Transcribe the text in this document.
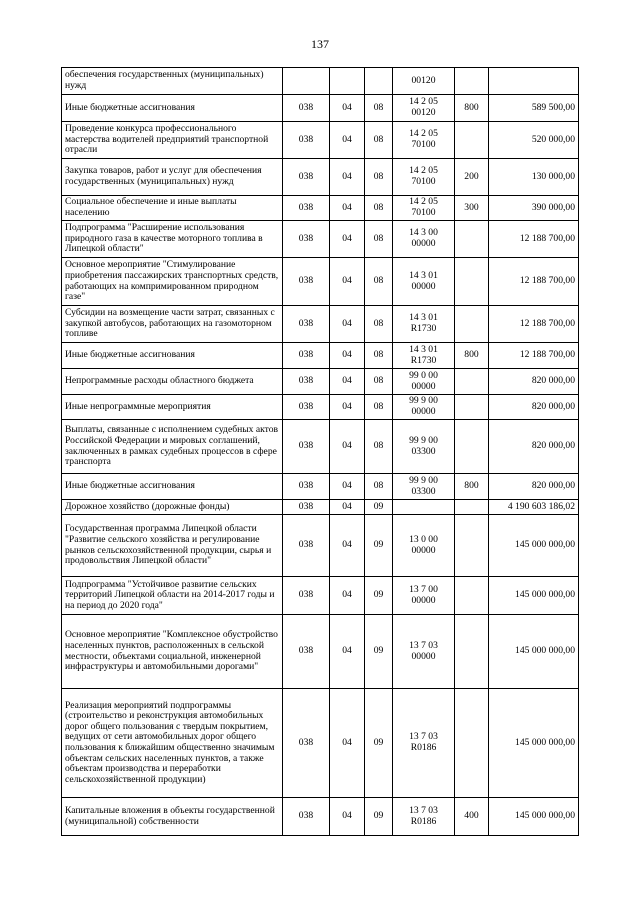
137
обеспечения государственных (муниципальных) нужд				00120		
Иные бюджетные ассигнования	038	04	08	14 2 05 00120	800	589 500,00
Проведение конкурса профессионального мастерства водителей предприятий транспортной отрасли	038	04	08	14 2 05 70100		520 000,00
Закупка товаров, работ и услуг для обеспечения государственных (муниципальных) нужд	038	04	08	14 2 05 70100	200	130 000,00
Социальное обеспечение и иные выплаты населению	038	04	08	14 2 05 70100	300	390 000,00
Подпрограмма "Расширение использования природного газа в качестве моторного топлива в Липецкой области"	038	04	08	14 3 00 00000		12 188 700,00
Основное мероприятие "Стимулирование приобретения пассажирских транспортных средств, работающих на компримированном природном газе"	038	04	08	14 3 01 00000		12 188 700,00
Субсидии на возмещение части затрат, связанных с закупкой автобусов, работающих на газомоторном топливе	038	04	08	14 3 01 R1730		12 188 700,00
Иные бюджетные ассигнования	038	04	08	14 3 01 R1730	800	12 188 700,00
Непрограммные расходы областного бюджета	038	04	08	99 0 00 00000		820 000,00
Иные непрограммные мероприятия	038	04	08	99 9 00 00000		820 000,00
Выплаты, связанные с исполнением судебных актов Российской Федерации и мировых соглашений, заключенных в рамках судебных процессов в сфере транспорта	038	04	08	99 9 00 03300		820 000,00
Иные бюджетные ассигнования	038	04	08	99 9 00 03300	800	820 000,00
Дорожное хозяйство (дорожные фонды)	038	04	09			4 190 603 186,02
Государственная программа Липецкой области "Развитие сельского хозяйства и регулирование рынков сельскохозяйственной продукции, сырья и продовольствия Липецкой области"	038	04	09	13 0 00 00000		145 000 000,00
Подпрограмма "Устойчивое развитие сельских территорий Липецкой области на 2014-2017 годы и на период до 2020 года"	038	04	09	13 7 00 00000		145 000 000,00
Основное мероприятие "Комплексное обустройство населенных пунктов, расположенных в сельской местности, объектами социальной, инженерной инфраструктуры и автомобильными дорогами"	038	04	09	13 7 03 00000		145 000 000,00
Реализация мероприятий подпрограммы (строительство и реконструкция автомобильных дорог общего пользования с твердым покрытием, ведущих от сети автомобильных дорог общего пользования к ближайшим общественно значимым объектам сельских населенных пунктов, а также объектам производства и переработки сельскохозяйственной продукции)	038	04	09	13 7 03 R0186		145 000 000,00
Капитальные вложения в объекты государственной (муниципальной) собственности	038	04	09	13 7 03 R0186	400	145 000 000,00
